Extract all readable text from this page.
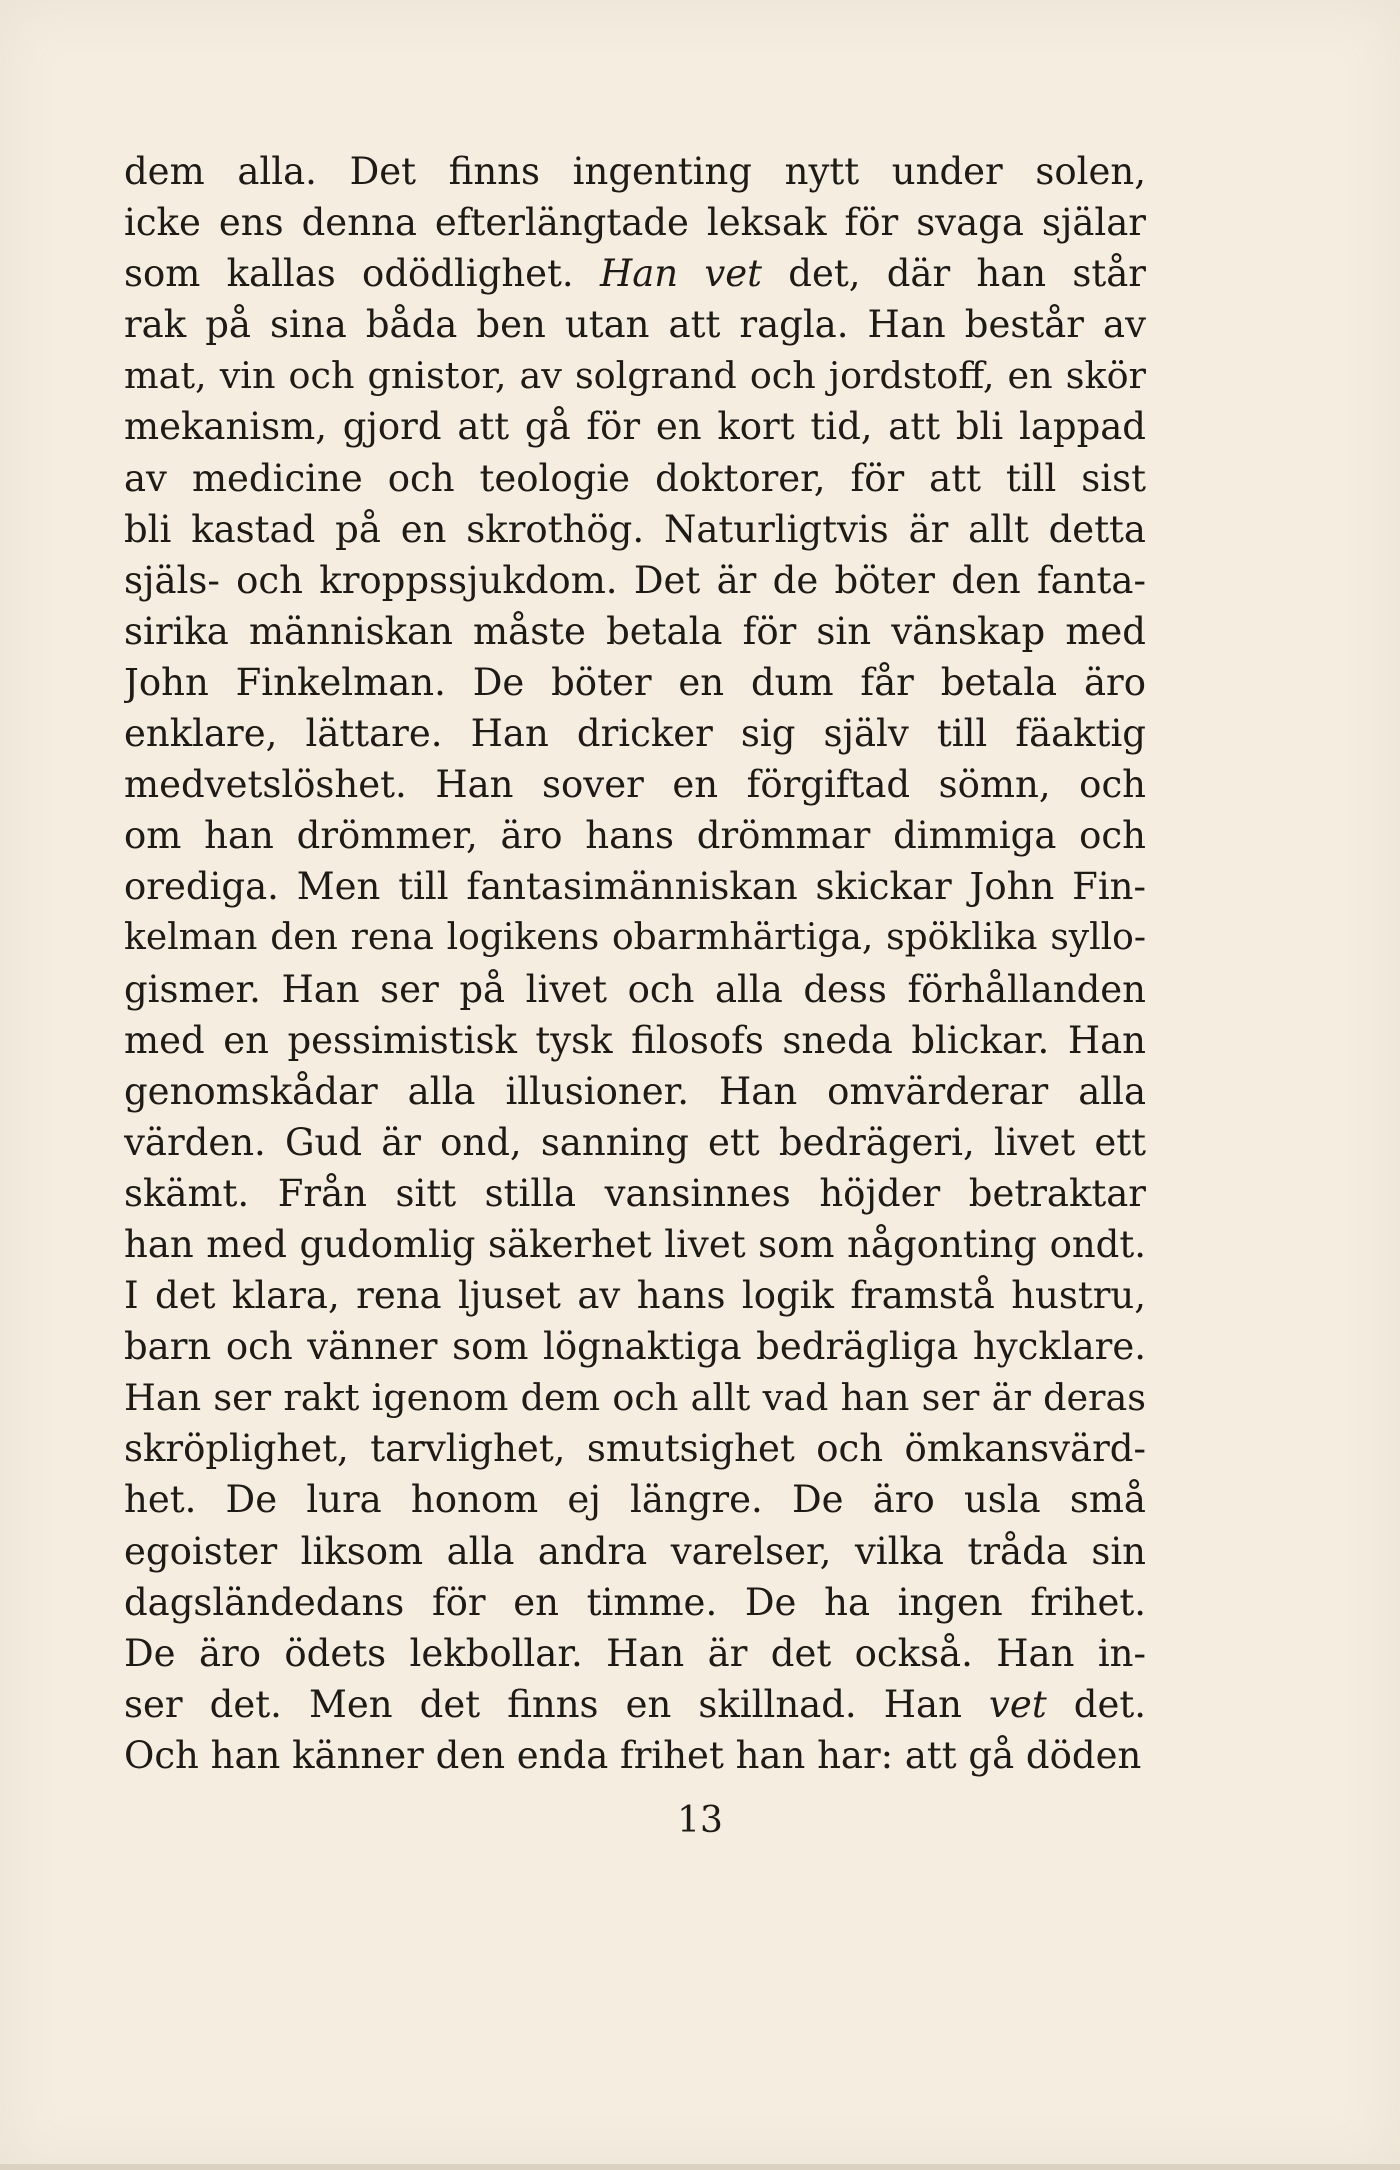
dem alla. Det finns ingenting nytt under solen,
icke ens denna efterlängtade leksak för svaga själar
som kallas odödlighet. Han vet det, där han står
rak på sina båda ben utan att ragla. Han består av
mat, vin och gnistor, av solgrand och jordstoff, en skör
mekanism, gjord att gå för en kort tid, att bli lappad
av medicine och teologie doktorer, för att till sist
bli kastad på en skrothög. Naturligtvis är allt detta
själs- och kroppssjukdom. Det är de böter den fanta-
sirika människan måste betala för sin vänskap med
John Finkelman. De böter en dum får betala äro
enklare, lättare. Han dricker sig själv till fäaktig
medvetslöshet. Han sover en förgiftad sömn, och
om han drömmer, äro hans drömmar dimmiga och
orediga. Men till fantasimänniskan skickar John Fin-
kelman den rena logikens obarmhärtiga, spöklika syllo-
gismer. Han ser på livet och alla dess förhållanden
med en pessimistisk tysk filosofs sneda blickar. Han
genomskådar alla illusioner. Han omvärderar alla
värden. Gud är ond, sanning ett bedrägeri, livet ett
skämt. Från sitt stilla vansinnes höjder betraktar
han med gudomlig säkerhet livet som någonting ondt.
I det klara, rena ljuset av hans logik framstå hustru,
barn och vänner som lögnaktiga bedrägliga hycklare.
Han ser rakt igenom dem och allt vad han ser är deras
skröplighet, tarvlighet, smutsighet och ömkansvärd-
het. De lura honom ej längre. De äro usla små
egoister liksom alla andra varelser, vilka tråda sin
dagsländedans för en timme. De ha ingen frihet.
De äro ödets lekbollar. Han är det också. Han in-
ser det. Men det finns en skillnad. Han vet det.
Och han känner den enda frihet han har: att gå döden
13
